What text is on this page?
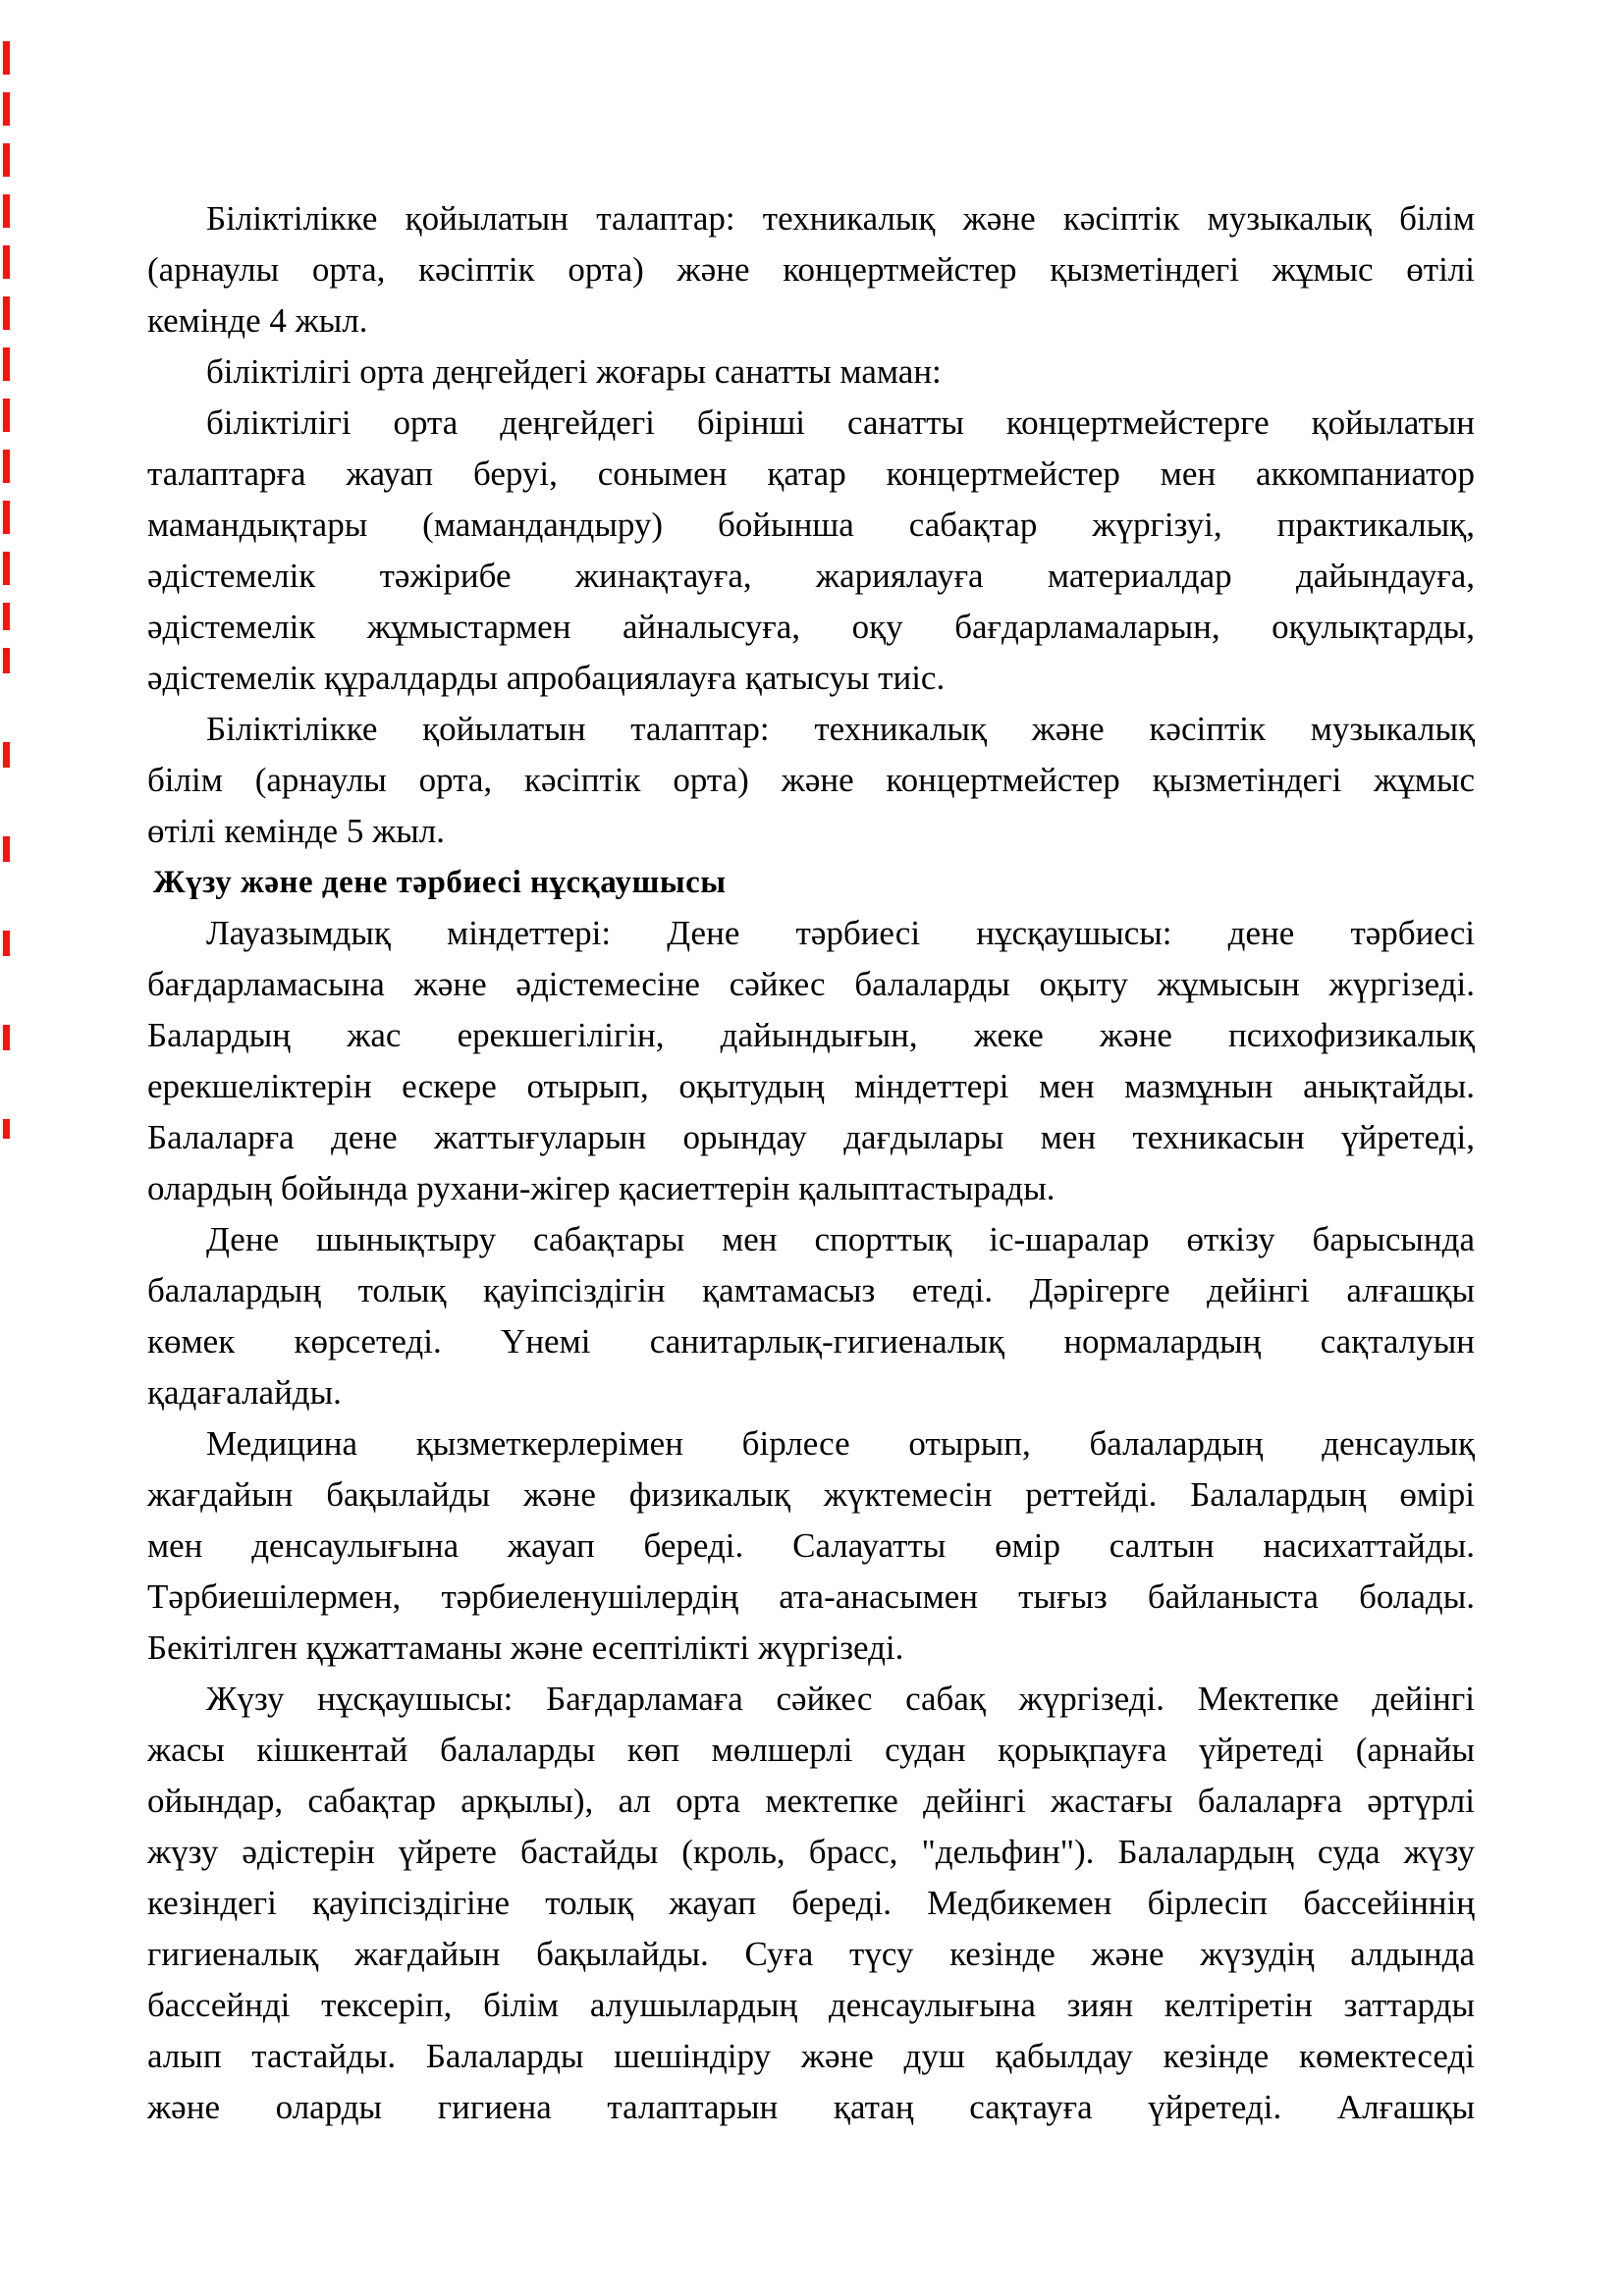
Біліктілікке қойылатын талаптар: техникалық және кәсіптік музыкалық білім
(арнаулы орта, кәсіптік орта) және концертмейстер қызметіндегі жұмыс өтілі
кемінде 4 жыл.
біліктілігі орта деңгейдегі жоғары санатты маман:
біліктілігі орта деңгейдегі бірінші санатты концертмейстерге қойылатын
талаптарға жауап беруі, сонымен қатар концертмейстер мен аккомпаниатор
мамандықтары (мамандандыру) бойынша сабақтар жүргізуі, практикалық,
әдістемелік тәжірибе жинақтауға, жариялауға материалдар дайындауға,
әдістемелік жұмыстармен айналысуға, оқу бағдарламаларын, оқулықтарды,
әдістемелік құралдарды апробациялауға қатысуы тиіс.
Біліктілікке қойылатын талаптар: техникалық және кәсіптік музыкалық
білім (арнаулы орта, кәсіптік орта) және концертмейстер қызметіндегі жұмыс
өтілі кемінде 5 жыл.
Жүзу және дене тәрбиесі нұсқаушысы
Лауазымдық міндеттері: Дене тәрбиесі нұсқаушысы: дене тәрбиесі
бағдарламасына және әдістемесіне сәйкес балаларды оқыту жұмысын жүргізеді.
Балардың жас ерекшегілігін, дайындығын, жеке және психофизикалық
ерекшеліктерін ескере отырып, оқытудың міндеттері мен мазмұнын анықтайды.
Балаларға дене жаттығуларын орындау дағдылары мен техникасын үйретеді,
олардың бойында рухани-жігер қасиеттерін қалыптастырады.
Дене шынықтыру сабақтары мен спорттық іс-шаралар өткізу барысында
балалардың толық қауіпсіздігін қамтамасыз етеді. Дәрігерге дейінгі алғашқы
көмек көрсетеді. Үнемі санитарлық-гигиеналық нормалардың сақталуын
қадағалайды.
Медицина қызметкерлерімен бірлесе отырып, балалардың денсаулық
жағдайын бақылайды және физикалық жүктемесін реттейді. Балалардың өмірі
мен денсаулығына жауап береді. Салауатты өмір салтын насихаттайды.
Тәрбиешілермен, тәрбиеленушілердің ата-анасымен тығыз байланыста болады.
Бекітілген құжаттаманы және есептілікті жүргізеді.
Жүзу нұсқаушысы: Бағдарламаға сәйкес сабақ жүргізеді. Мектепке дейінгі
жасы кішкентай балаларды көп мөлшерлі судан қорықпауға үйретеді (арнайы
ойындар, сабақтар арқылы), ал орта мектепке дейінгі жастағы балаларға әртүрлі
жүзу әдістерін үйрете бастайды (кроль, брасс, "дельфин"). Балалардың суда жүзу
кезіндегі қауіпсіздігіне толық жауап береді. Медбикемен бірлесіп бассейіннің
гигиеналық жағдайын бақылайды. Суға түсу кезінде және жүзудің алдында
бассейнді тексеріп, білім алушылардың денсаулығына зиян келтіретін заттарды
алып тастайды. Балаларды шешіндіру және душ қабылдау кезінде көмектеседі
және оларды гигиена талаптарын қатаң сақтауға үйретеді. Алғашқы
